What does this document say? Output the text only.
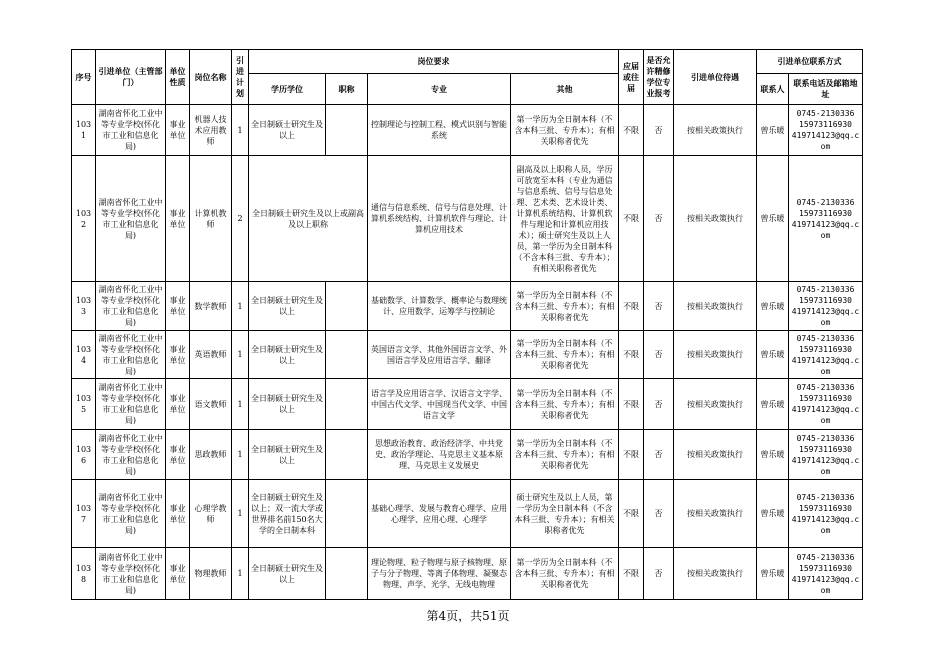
序号	引进单位（主管部门）	单位性质	岗位名称	引进计划	岗位要求				应届或往届	是否允许精修学位专业报考	引进单位待遇	引进单位联系方式	
					学历学位	职称	专业	其他				联系人	联系电话及邮箱地址
1031	湖南省怀化工业中等专业学校(怀化市工业和信息化局)	事业单位	机器人技术应用教师	1	全日制硕士研究生及以上		控制理论与控制工程、模式识别与智能系统	第一学历为全日制本科（不含本科三批、专升本）；有相关职称者优先	不限	否	按相关政策执行	曾乐暖	0745-2130336
15973116930
419714123@qq.com

1032	湖南省怀化工业中等专业学校(怀化市工业和信息化局)	事业单位	计算机教师	2	全日制硕士研究生及以上或副高及以上职称		通信与信息系统、信号与信息处理、计算机系统结构、计算机软件与理论、计算机应用技术	副高及以上职称人员，学历可放宽至本科（专业为通信与信息系统、信号与信息处理、艺术类、艺术设计类、计算机系统结构、计算机软件与理论和计算机应用技术）；硕士研究生及以上人员，第一学历为全日制本科（不含本科三批、专升本）；有相关职称者优先	不限	否	按相关政策执行	曾乐暖	0745-2130336
15973116930
419714123@qq.com

1033	湖南省怀化工业中等专业学校(怀化市工业和信息化局)	事业单位	数学教师	1	全日制硕士研究生及以上		基础数学、计算数学、概率论与数理统计、应用数学、运筹学与控制论	第一学历为全日制本科（不含本科三批、专升本）；有相关职称者优先	不限	否	按相关政策执行	曾乐暖	0745-2130336
15973116930
419714123@qq.com

1034	湖南省怀化工业中等专业学校(怀化市工业和信息化局)	事业单位	英语教师	1	全日制硕士研究生及以上		英国语言文学、其他外国语言文学、外国语言学及应用语言学、翻译	第一学历为全日制本科（不含本科三批、专升本）；有相关职称者优先	不限	否	按相关政策执行	曾乐暖	0745-2130336
15973116930
419714123@qq.com

1035	湖南省怀化工业中等专业学校(怀化市工业和信息化局)	事业单位	语文教师	1	全日制硕士研究生及以上		语言学及应用语言学、汉语言文字学、中国古代文学、中国现当代文学、中国语言文学	第一学历为全日制本科（不含本科三批、专升本）；有相关职称者优先	不限	否	按相关政策执行	曾乐暖	0745-2130336
15973116930
419714123@qq.com

1036	湖南省怀化工业中等专业学校(怀化市工业和信息化局)	事业单位	思政教师	1	全日制硕士研究生及以上		思想政治教育、政治经济学、中共党史、政治学理论、马克思主义基本原理、马克思主义发展史	第一学历为全日制本科（不含本科三批、专升本）；有相关职称者优先	不限	否	按相关政策执行	曾乐暖	0745-2130336
15973116930
419714123@qq.com

1037	湖南省怀化工业中等专业学校(怀化市工业和信息化局)	事业单位	心理学教师	1	全日制硕士研究生及以上；双一流大学或世界排名前150名大学的全日制本科		基础心理学、发展与教育心理学、应用心理学、应用心理、心理学	硕士研究生及以上人员，第一学历为全日制本科（不含本科三批、专升本）；有相关职称者优先	不限	否	按相关政策执行	曾乐暖	0745-2130336
15973116930
419714123@qq.com

1038	湖南省怀化工业中等专业学校(怀化市工业和信息化局)	事业单位	物理教师	1	全日制硕士研究生及以上		理论物理、粒子物理与原子核物理、原子与分子物理、等离子体物理、凝聚态物理、声学、光学、无线电物理	第一学历为全日制本科（不含本科三批、专升本）；有相关职称者优先	不限	否	按相关政策执行	曾乐暖	0745-2130336
15973116930
419714123@qq.com
第4页，共51页
